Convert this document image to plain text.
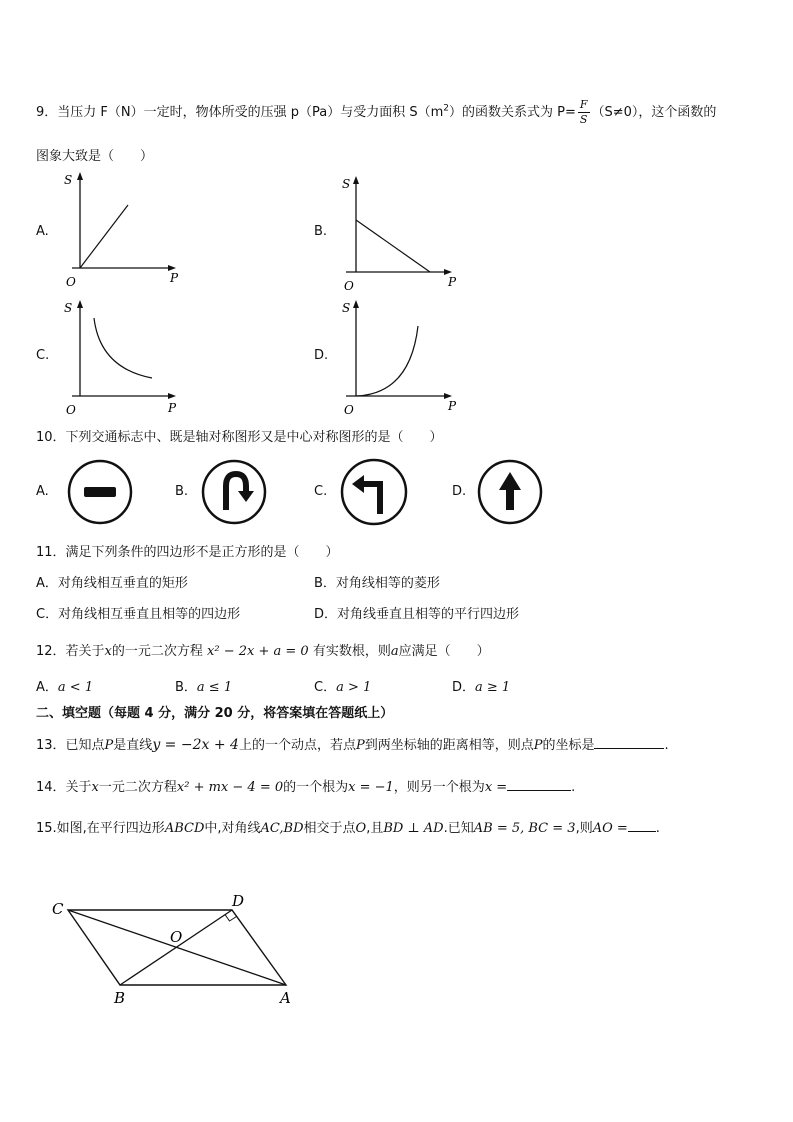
9．当压力 F（N）一定时，物体所受的压强 p（Pa）与受力面积 $S(m^2)$的函数关系式为 $P= \frac{F}{S} (S\ne 0)$，这个函数的
图象大致是（　　）
A.
S
P
O
B.
S
P
O
C.
S
P
O
D.
S
P
O
10．下列交通标志中、既是轴对称图形又是中心对称图形的是（　　）
A.	B.	C.	D.
11．满足下列条件的四边形不是正方形的是（　　）
A．对角线相互垂直的矩形	B．对角线相等的菱形
C．对角线相互垂直且相等的四边形	D．对角线垂直且相等的平行四边形
12．若关于x的一元二次方程 x² − 2x + a = 0 有实数根，则a应满足（　　）
A．a < 1	B．a ≤ 1	C．a > 1	D．a ≥ 1
二、填空题（每题 4 分，满分 20 分，将答案填在答题纸上）
13．已知点P是直线y = −2x + 4上的一个动点，若点P到两坐标轴的距离相等，则点P的坐标是	.
14．关于x一元二次方程x² + mx − 4 = 0的一个根为x = −1，则另一个根为x =	.
15.如图,在平行四边形ABCD中,对角线AC,BD相交于点O,且BD ⊥ AD.已知AB = 5, BC = 3,则AO = .
C	D
O
B	A
